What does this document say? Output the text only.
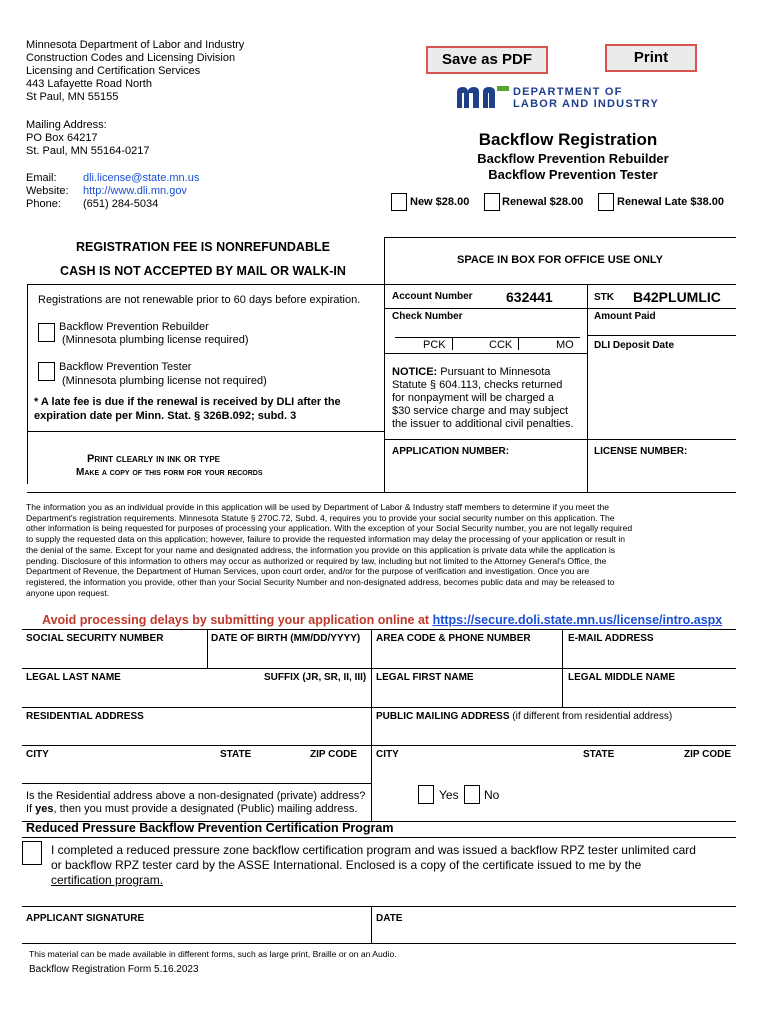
Minnesota Department of Labor and Industry
Construction Codes and Licensing Division
Licensing and Certification Services
443 Lafayette Road North
St Paul, MN 55155
Mailing Address:
PO Box 64217
St. Paul, MN 55164-0217
Email: dli.license@state.mn.us
Website: http://www.dli.mn.gov
Phone: (651) 284-5034
Save as PDF	Print
DEPARTMENT OF
LABOR AND INDUSTRY
Backflow Registration
Backflow Prevention Rebuilder
Backflow Prevention Tester
New $28.00	Renewal $28.00	Renewal Late $38.00
REGISTRATION FEE IS NONREFUNDABLE
CASH IS NOT ACCEPTED BY MAIL OR WALK-IN
Registrations are not renewable prior to 60 days before expiration.
Backflow Prevention Rebuilder
(Minnesota plumbing license required)
Backflow Prevention Tester
(Minnesota plumbing license not required)
* A late fee is due if the renewal is received by DLI after the
expiration date per Minn. Stat. § 326B.092; subd. 3
Print clearly in ink or type
Make a copy of this form for your records
SPACE IN BOX FOR OFFICE USE ONLY
Account Number 632441	STK B42PLUMLIC
Check Number	Amount Paid
PCK	CCK	MO DLI Deposit Date
NOTICE: Pursuant to Minnesota
Statute § 604.113, checks returned
for nonpayment will be charged a
$30 service charge and may subject
the issuer to additional civil penalties.
APPLICATION NUMBER:	LICENSE NUMBER:
The information you as an individual provide in this application will be used by Department of Labor & Industry staff members to determine if you meet the
Department's registration requirements. Minnesota Statute § 270C.72, Subd. 4, requires you to provide your social security number on this application. The
other information is being requested for purposes of processing your application. With the exception of your Social Security number, you are not legally required
to supply the requested data on this application; however, failure to provide the requested information may delay the processing of your application or result in
the denial of the same. Except for your name and designated address, the information you provide on this application is private data while the application is
pending. Disclosure of this information to others may occur as authorized or required by law, including but not limited to the Attorney General's Office, the
Department of Revenue, the Department of Human Services, upon court order, and/or for the purpose of verification and investigation. Once you are
registered, the information you provide, other than your Social Security Number and non-designated address, becomes public data and may be released to
anyone upon request.
Avoid processing delays by submitting your application online at https://secure.doli.state.mn.us/license/intro.aspx
SOCIAL SECURITY NUMBER	DATE OF BIRTH (MM/DD/YYYY) AREA CODE & PHONE NUMBER	E-MAIL ADDRESS
LEGAL LAST NAME	SUFFIX (JR, SR, II, III) LEGAL FIRST NAME	LEGAL MIDDLE NAME
RESIDENTIAL ADDRESS	PUBLIC MAILING ADDRESS (if different from residential address)
CITY	STATE	ZIP CODE CITY	STATE	ZIP CODE
Is the Residential address above a non-designated (private) address?
If yes, then you must provide a designated (Public) mailing address.
Yes No
Reduced Pressure Backflow Prevention Certification Program
I completed a reduced pressure zone backflow certification program and was issued a backflow RPZ tester unlimited card
or backflow RPZ tester card by the ASSE International. Enclosed is a copy of the certificate issued to me by the
certification program.
APPLICANT SIGNATURE	DATE
This material can be made available in different forms, such as large print, Braille or on an Audio.
Backflow Registration Form 5.16.2023
